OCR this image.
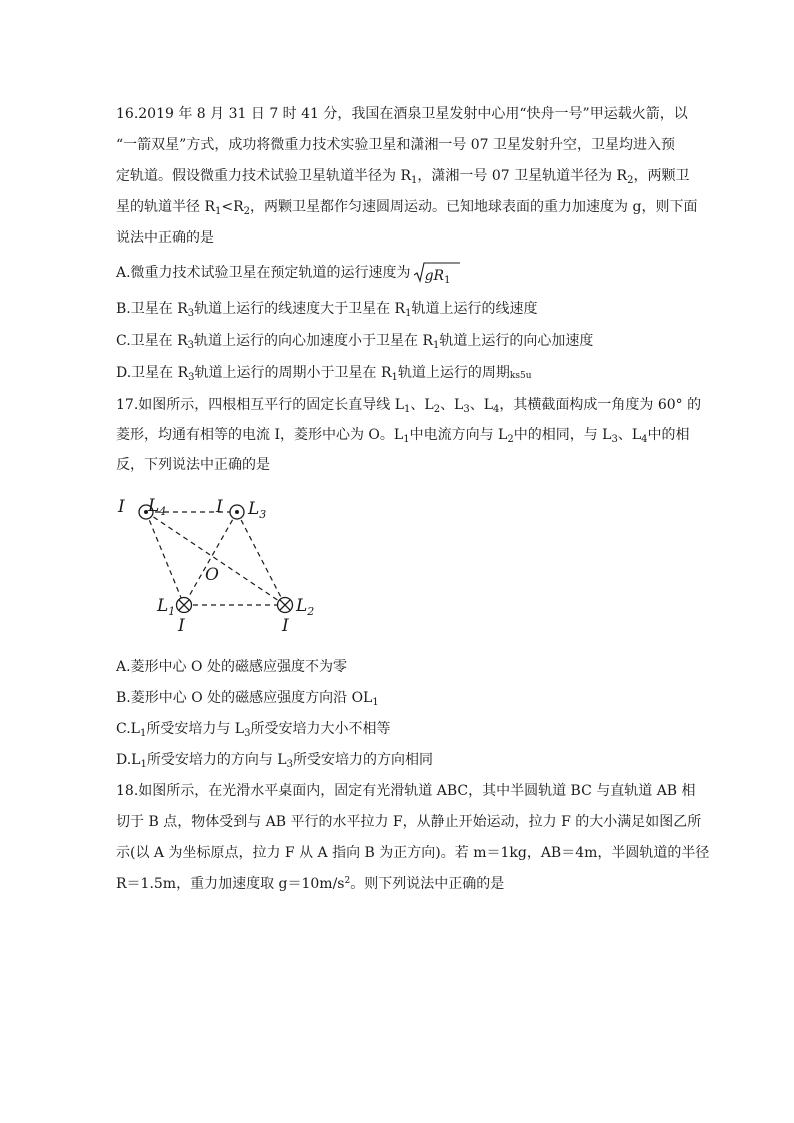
16.2019 年 8 月 31 日 7 时 41 分，我国在酒泉卫星发射中心用“快舟一号”甲运载火箭，以
“一箭双星”方式，成功将微重力技术实验卫星和潇湘一号 07 卫星发射升空，卫星均进入预
定轨道。假设微重力技术试验卫星轨道半径为 $R_1$，潇湘一号 07 卫星轨道半径为 $R_2$，两颗卫
星的轨道半径 $R_1<R_2$，两颗卫星都作匀速圆周运动。已知地球表面的重力加速度为 g，则下面
说法中正确的是
A.微重力技术试验卫星在预定轨道的运行速度为 $gR_1$
B.卫星在 $R_3$轨道上运行的线速度大于卫星在 $R_1$轨道上运行的线速度
C.卫星在 $R_3$轨道上运行的向心加速度小于卫星在 $R_1$轨道上运行的向心加速度
D.卫星在 $R_3$轨道上运行的周期小于卫星在 $R_1$轨道上运行的周期ks5u
17.如图所示，四根相互平行的固定长直导线 $L_1$、$L_2$、$L_3$、$L_4$，其横截面构成一角度为 60° 的
菱形，均通有相等的电流 I，菱形中心为 O。$L_1$中电流方向与 $L_2$中的相同，与 $L_3$、$L_4$中的相
反，下列说法中正确的是
I $L_4$	I $L_3$
O
$L_1$
I
$L_2$
I
A.菱形中心 O 处的磁感应强度不为零
B.菱形中心 O 处的磁感应强度方向沿 $OL_1$
$C.L_1$所受安培力与 $L_3$所受安培力大小不相等
$D.L_1$所受安培力的方向与 $L_3$所受安培力的方向相同
18.如图所示，在光滑水平桌面内，固定有光滑轨道 ABC，其中半圆轨道 BC 与直轨道 AB 相
切于 B 点，物体受到与 AB 平行的水平拉力 F，从静止开始运动，拉力 F 的大小满足如图乙所
示(以 A 为坐标原点，拉力 F 从 A 指向 B 为正方向)。若 m＝1kg，AB＝4m，半圆轨道的半径
R＝1.5m，重力加速度取 $g=10m/s^2$。则下列说法中正确的是
